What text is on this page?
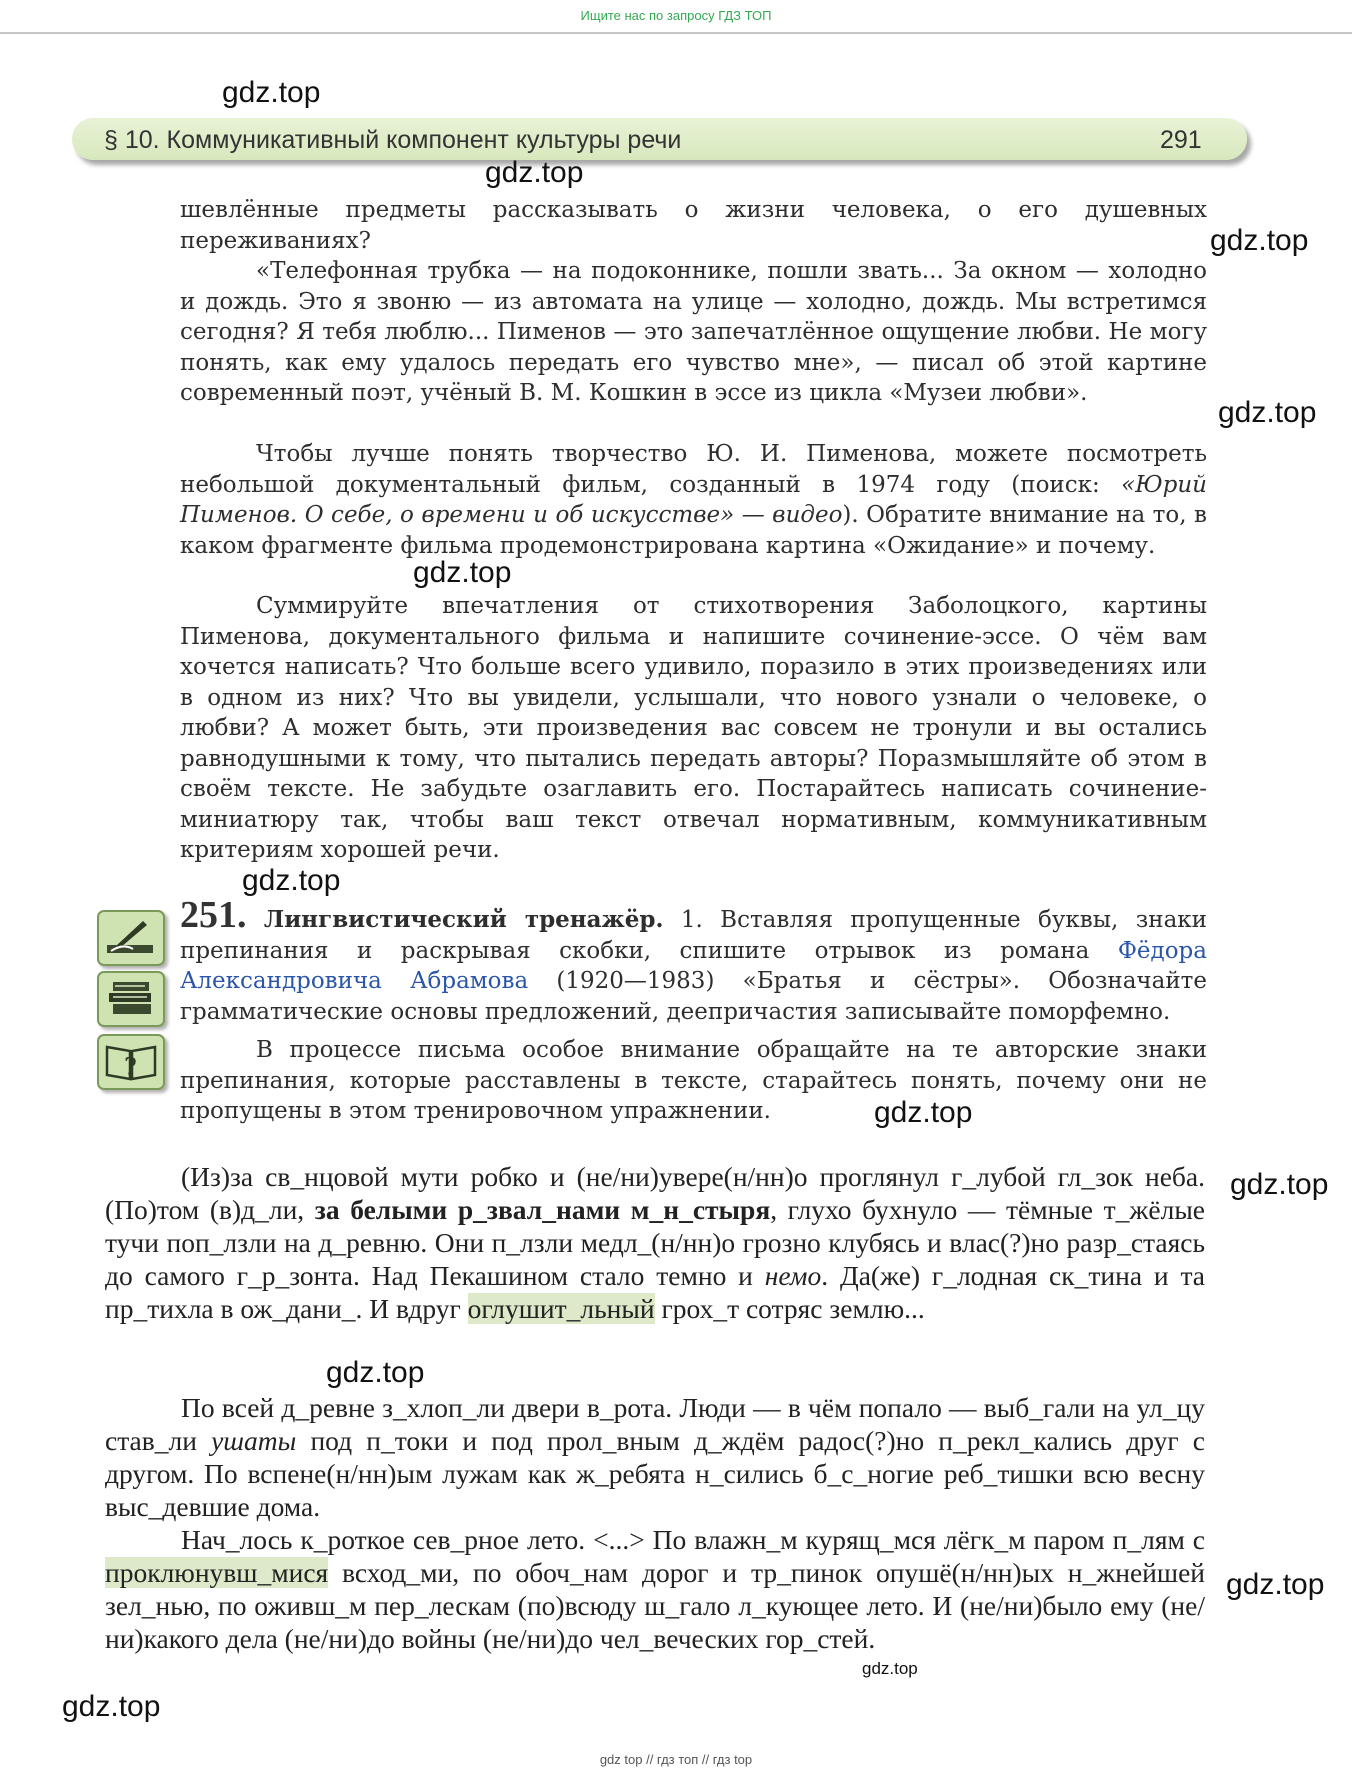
Ищите нас по запросу ГДЗ ТОП
§ 10. Коммуникативный компонент культуры речи	291
gdz.top
gdz.top
gdz.top
gdz.top
gdz.top
gdz.top
gdz.top
gdz.top
gdz.top
gdz.top
gdz.top
gdz.top
шевлённые предметы рассказывать о жизни человека, о его душевных переживаниях?
«Телефонная трубка — на подоконнике, пошли звать... За окном — холодно и дождь. Это я звоню — из автомата на улице — холодно, дождь. Мы встретимся сегодня? Я тебя люблю... Пименов — это запечатлённое ощущение любви. Не могу понять, как ему удалось передать его чувство мне», — писал об этой картине современный поэт, учёный В. М. Кошкин в эссе из цикла «Музеи любви».
Чтобы лучше понять творчество Ю. И. Пименова, можете посмотреть небольшой документальный фильм, созданный в 1974 году (поиск: «Юрий Пименов. О себе, о времени и об искусстве» — видео). Обратите внимание на то, в каком фрагменте фильма продемонстрирована картина «Ожидание» и почему.
Суммируйте впечатления от стихотворения Заболоцкого, картины Пименова, документального фильма и напишите сочинение-эссе. О чём вам хочется написать? Что больше всего удивило, поразило в этих произведениях или в одном из них? Что вы увидели, услышали, что нового узнали о человеке, о любви? А может быть, эти произведения вас совсем не тронули и вы остались равнодушными к тому, что пытались передать авторы? Поразмышляйте об этом в своём тексте. Не забудьте озаглавить его. Постарайтесь написать сочинение-миниатюру так, чтобы ваш текст отвечал нормативным, коммуникативным критериям хорошей речи.
?
251. Лингвистический тренажёр. 1. Вставляя пропущенные буквы, знаки препинания и раскрывая скобки, спишите отрывок из романа Фёдора Александровича Абрамова (1920—1983) «Братья и сёстры». Обозначайте грамматические основы предложений, деепричастия записывайте поморфемно.
В процессе письма особое внимание обращайте на те авторские знаки препинания, которые расставлены в тексте, старайтесь понять, почему они не пропущены в этом тренировочном упражнении.
(Из)за св_нцовой мути робко и (не/ни)увере(н/нн)о проглянул г_лубой гл_зок неба. (По)том (в)д_ли, за белыми р_звал_нами м_н_стыря, глухо бухнуло — тёмные т_жёлые тучи поп_лзли на д_ревню. Они п_лзли медл_(н/нн)о грозно клубясь и влас(?)но разр_стаясь до самого г_р_зонта. Над Пекашином стало темно и немо. Да(же) г_лодная ск_тина и та пр_тихла в ож_дани_. И вдруг оглушит_льный грох_т сотряс землю...
По всей д_ревне з_хлоп_ли двери в_рота. Люди — в чём попало — выб_гали на ул_цу став_ли ушаты под п_токи и под прол_вным д_ждём радос(?)но п_рекл_кались друг с другом. По вспене(н/нн)ым лужам как ж_ребята н_сились б_с_ногие реб_тишки всю весну выс_девшие дома.
Нач_лось к_роткое сев_рное лето. <...> По влажн_м курящ_мся лёгк_м паром п_лям с проклюнувш_мися всход_ми, по обоч_нам дорог и тр_пинок опушё(н/нн)ых н_жнейшей зел_нью, по оживш_м пер_лескам (по)всюду ш_гало л_кующее лето. И (не/ни)было ему (не/ни)какого дела (не/ни)до войны (не/ни)до чел_веческих гор_стей.
gdz top // гдз топ // гдз top
